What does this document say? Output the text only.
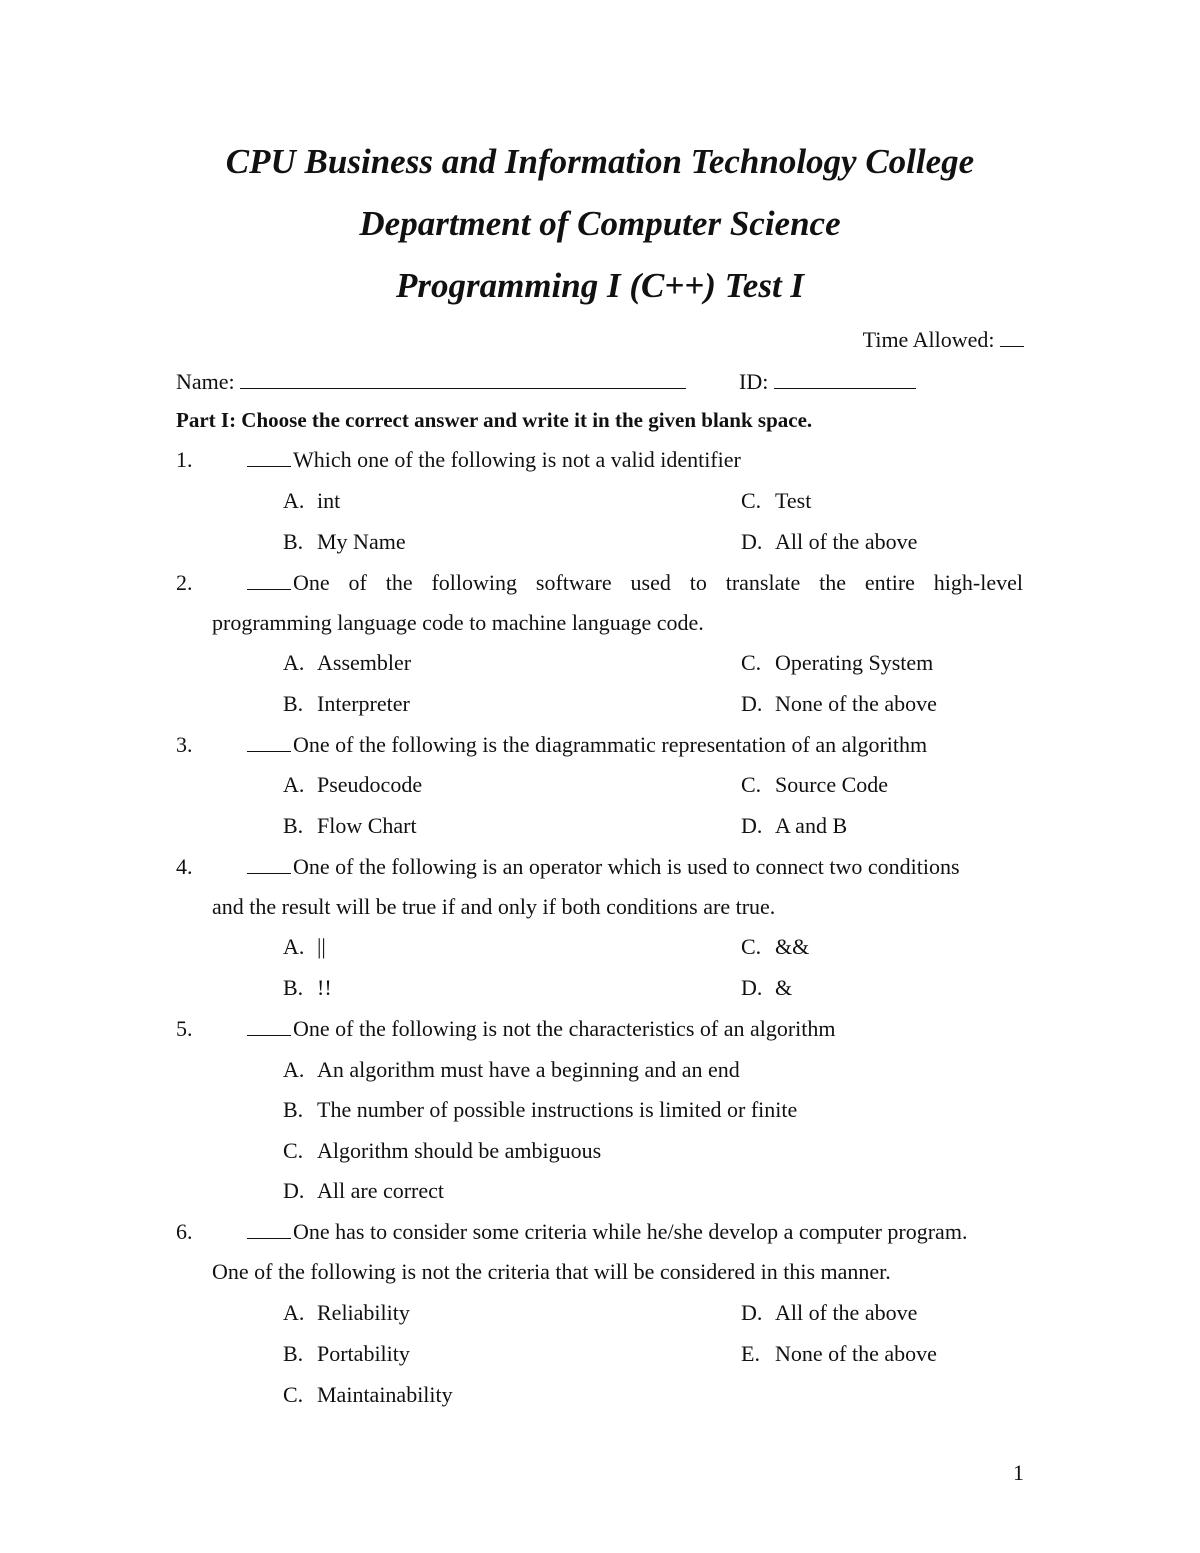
CPU Business and Information Technology College
Department of Computer Science
Programming I (C++) Test I
Time Allowed:
Name:	ID:
Part I: Choose the correct answer and write it in the given blank space.
1.	Which one of the following is not a valid identifier
A. int
B. My Name
C. Test
D. All of the above
2.	One of the following software used to translate the entire high-level
programming language code to machine language code.
A. Assembler
B. Interpreter
C. Operating System
D. None of the above
3.	One of the following is the diagrammatic representation of an algorithm
A. Pseudocode
B. Flow Chart
C. Source Code
D. A and B
4.	One of the following is an operator which is used to connect two conditions
and the result will be true if and only if both conditions are true.
A. ||
B. !!
C. &&
D. &
5.	One of the following is not the characteristics of an algorithm
A. An algorithm must have a beginning and an end
B. The number of possible instructions is limited or finite
C. Algorithm should be ambiguous
D. All are correct
6.	One has to consider some criteria while he/she develop a computer program.
One of the following is not the criteria that will be considered in this manner.
A. Reliability
B. Portability
C. Maintainability
D. All of the above
E. None of the above
1
